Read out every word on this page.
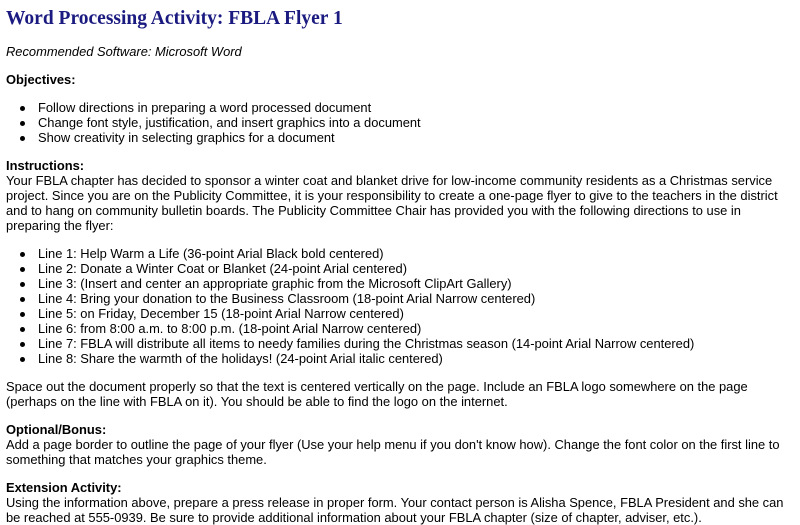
Word Processing Activity: FBLA Flyer 1

Recommended Software: Microsoft Word

Objectives:

Follow directions in preparing a word processed document
Change font style, justification, and insert graphics into a document
Show creativity in selecting graphics for a document

Instructions:

Your FBLA chapter has decided to sponsor a winter coat and blanket drive for low-income community residents as a Christmas service project. Since you are on the Publicity Committee, it is your responsibility to create a one-page flyer to give to the teachers in the district and to hang on community bulletin boards. The Publicity Committee Chair has provided you with the following directions to use in preparing the flyer:

Line 1: Help Warm a Life (36-point Arial Black bold centered)
Line 2: Donate a Winter Coat or Blanket (24-point Arial centered)
Line 3: (Insert and center an appropriate graphic from the Microsoft ClipArt Gallery)
Line 4: Bring your donation to the Business Classroom (18-point Arial Narrow centered)
Line 5: on Friday, December 15 (18-point Arial Narrow centered)
Line 6: from 8:00 a.m. to 8:00 p.m. (18-point Arial Narrow centered)
Line 7: FBLA will distribute all items to needy families during the Christmas season (14-point Arial Narrow centered)
Line 8: Share the warmth of the holidays! (24-point Arial italic centered)

Space out the document properly so that the text is centered vertically on the page. Include an FBLA logo somewhere on the page (perhaps on the line with FBLA on it). You should be able to find the logo on the internet.

Optional/Bonus:

Add a page border to outline the page of your flyer (Use your help menu if you don't know how). Change the font color on the first line to something that matches your graphics theme.

Extension Activity:

Using the information above, prepare a press release in proper form. Your contact person is Alisha Spence, FBLA President and she can be reached at 555-0939. Be sure to provide additional information about your FBLA chapter (size of chapter, adviser, etc.).
